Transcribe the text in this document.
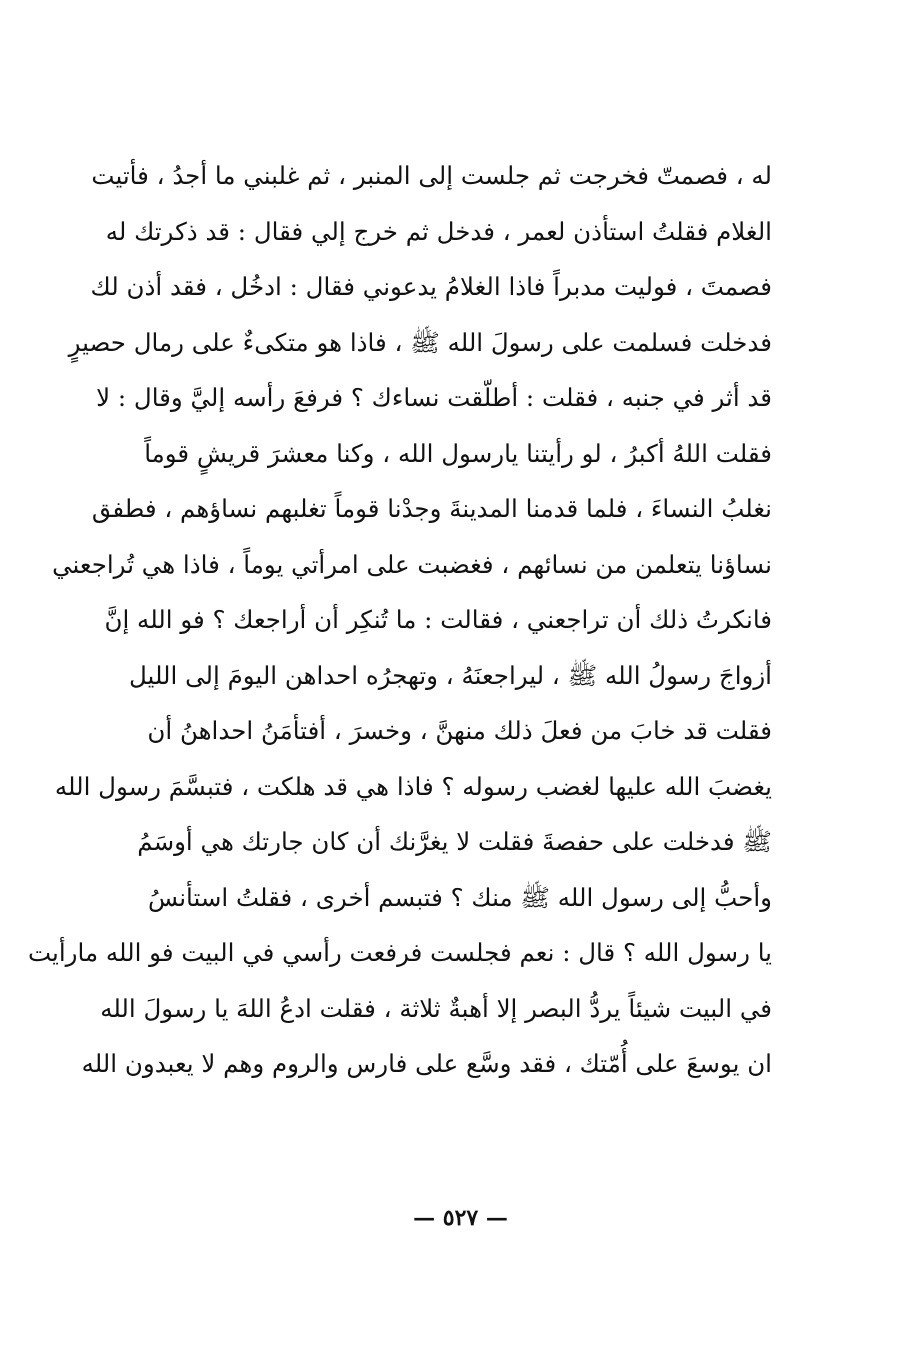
له ، فصمتّ فخرجت ثم جلست إلى المنبر ، ثم غلبني ما أجدُ ، فأتيت
الغلام فقلتُ استأذن لعمر ، فدخل ثم خرج إلي فقال : قد ذكرتك له
فصمتَ ، فوليت مدبراً فاذا الغلامُ يدعوني فقال : ادخُل ، فقد أذن لك
فدخلت فسلمت على رسولَ الله ﷺ ، فاذا هو متكىءٌ على رمال حصيرٍ
قد أثر في جنبه ، فقلت : أطلّقت نساءك ؟ فرفعَ رأسه إليَّ وقال : لا
فقلت اللهُ أكبرُ ، لو رأيتنا يارسول الله ، وكنا معشرَ قريشٍ قوماً
نغلبُ النساءَ ، فلما قدمنا المدينةَ وجدْنا قوماً تغلبهم نساؤهم ، فطفق
نساؤنا يتعلمن من نسائهم ، فغضبت على امرأتي يوماً ، فاذا هي تُراجعني
فانكرتُ ذلك أن تراجعني ، فقالت : ما تُنكِر أن أراجعك ؟ فو الله إنَّ
أزواجَ رسولُ الله ﷺ ، ليراجعنَهُ ، وتهجرُه احداهن اليومَ إلى الليل
فقلت قد خابَ من فعلَ ذلك منهنَّ ، وخسرَ ، أفتأمَنُ احداهنُ أن
يغضبَ الله عليها لغضب رسوله ؟ فاذا هي قد هلكت ، فتبسَّمَ رسول الله
ﷺ فدخلت على حفصةَ فقلت لا يغرَّنك أن كان جارتك هي أوسَمُ
وأحبُّ إلى رسول الله ﷺ منك ؟ فتبسم أخرى ، فقلتُ استأنسُ
يا رسول الله ؟ قال : نعم فجلست فرفعت رأسي في البيت فو الله مارأيت
في البيت شيئاً يردُّ البصر إلا أهبةٌ ثلاثة ، فقلت ادعُ اللهَ يا رسولَ الله
ان يوسعَ على أُمّتك ، فقد وسَّع على فارس والروم وهم لا يعبدون الله
— ٥٢٧ —
